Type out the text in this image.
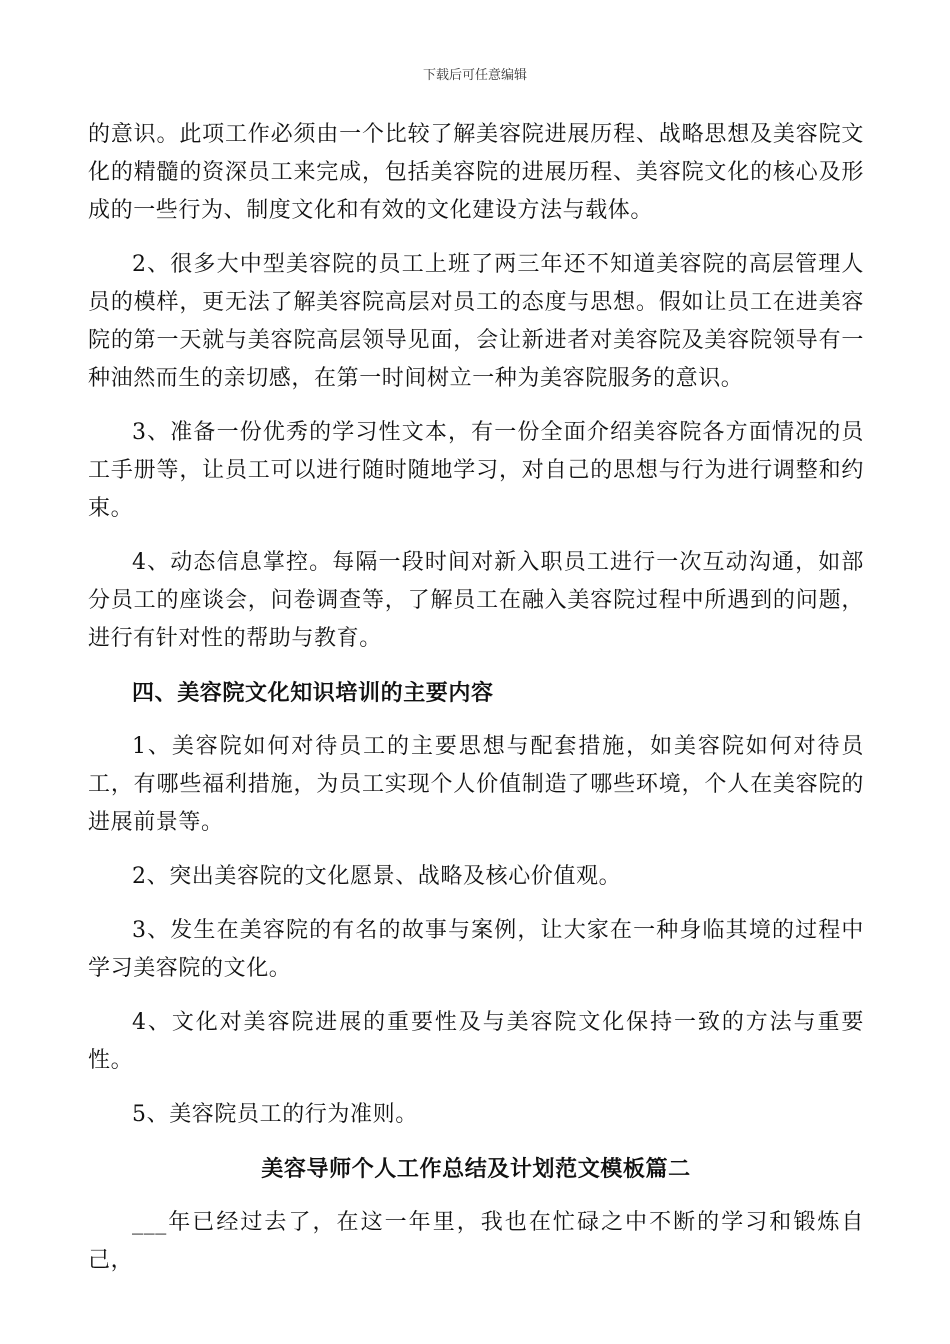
下载后可任意编辑

的意识。此项工作必须由一个比较了解美容院进展历程、战略思想及美容院文化的精髓的资深员工来完成，包括美容院的进展历程、美容院文化的核心及形成的一些行为、制度文化和有效的文化建设方法与载体。

2、很多大中型美容院的员工上班了两三年还不知道美容院的高层管理人员的模样，更无法了解美容院高层对员工的态度与思想。假如让员工在进美容院的第一天就与美容院高层领导见面，会让新进者对美容院及美容院领导有一种油然而生的亲切感，在第一时间树立一种为美容院服务的意识。

3、准备一份优秀的学习性文本，有一份全面介绍美容院各方面情况的员工手册等，让员工可以进行随时随地学习，对自己的思想与行为进行调整和约束。

4、动态信息掌控。每隔一段时间对新入职员工进行一次互动沟通，如部分员工的座谈会，问卷调查等，了解员工在融入美容院过程中所遇到的问题，进行有针对性的帮助与教育。

四、美容院文化知识培训的主要内容

1、美容院如何对待员工的主要思想与配套措施，如美容院如何对待员工，有哪些福利措施，为员工实现个人价值制造了哪些环境，个人在美容院的进展前景等。

2、突出美容院的文化愿景、战略及核心价值观。

3、发生在美容院的有名的故事与案例，让大家在一种身临其境的过程中学习美容院的文化。

4、文化对美容院进展的重要性及与美容院文化保持一致的方法与重要性。

5、美容院员工的行为准则。

美容导师个人工作总结及计划范文模板篇二

___年已经过去了，在这一年里，我也在忙碌之中不断的学习和锻炼自己，
